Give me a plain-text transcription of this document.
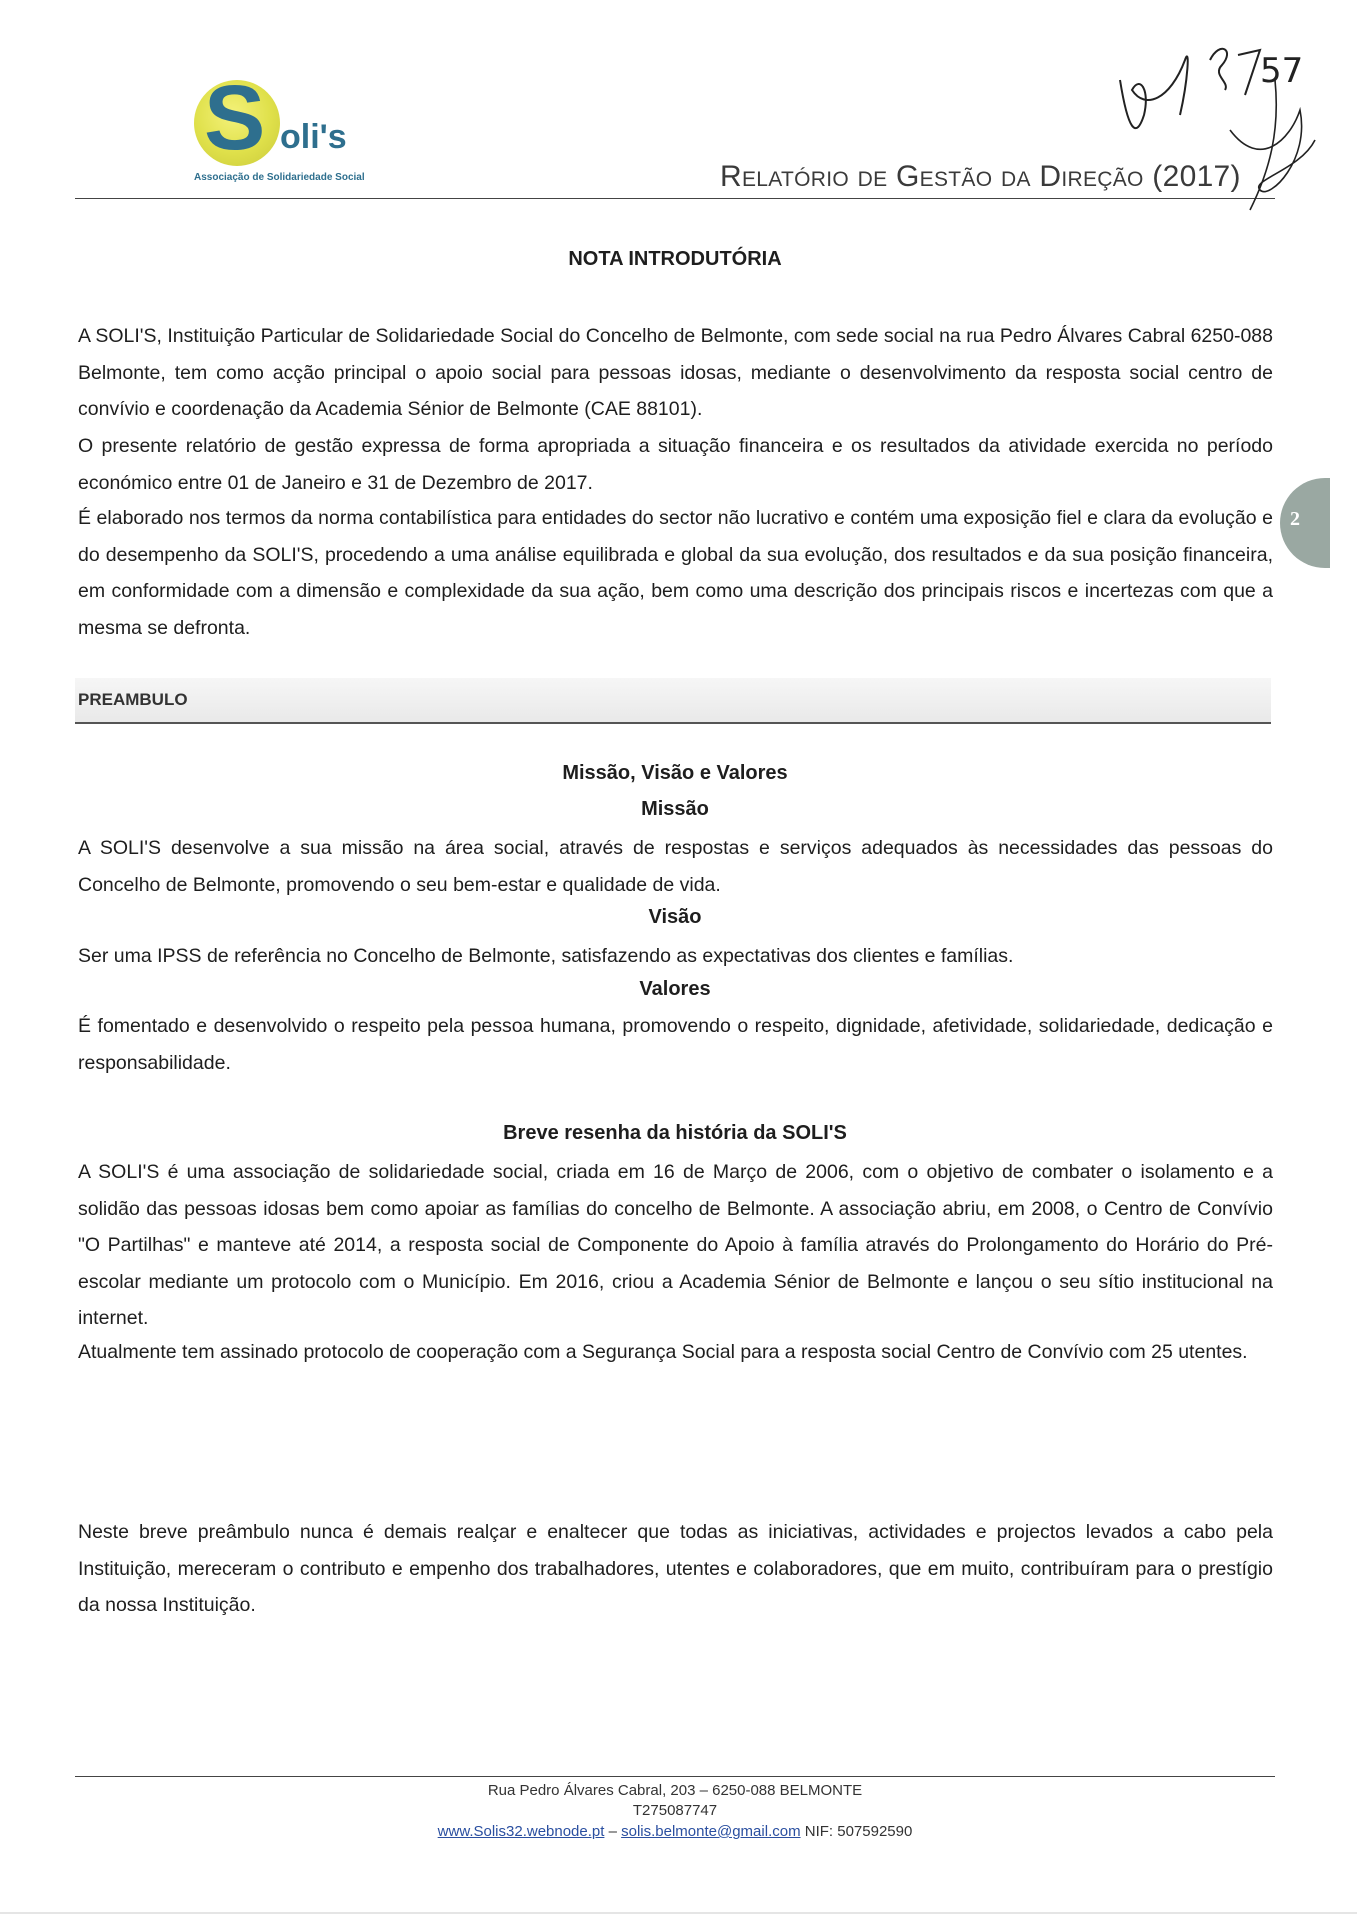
S oli's
Associação de Solidariedade Social	Relatório de Gestão da Direção (2017)
57
2
NOTA INTRODUTÓRIA
A SOLI'S, Instituição Particular de Solidariedade Social do Concelho de Belmonte, com sede social na rua Pedro Álvares Cabral 6250-088 Belmonte, tem como acção principal o apoio social para pessoas idosas, mediante o desenvolvimento da resposta social centro de convívio e coordenação da Academia Sénior de Belmonte (CAE 88101).
O presente relatório de gestão expressa de forma apropriada a situação financeira e os resultados da atividade exercida no período económico entre 01 de Janeiro e 31 de Dezembro de 2017.
É elaborado nos termos da norma contabilística para entidades do sector não lucrativo e contém uma exposição fiel e clara da evolução e do desempenho da SOLI'S, procedendo a uma análise equilibrada e global da sua evolução, dos resultados e da sua posição financeira, em conformidade com a dimensão e complexidade da sua ação, bem como uma descrição dos principais riscos e incertezas com que a mesma se defronta.
PREAMBULO
Missão, Visão e Valores
Missão
A SOLI'S desenvolve a sua missão na área social, através de respostas e serviços adequados às necessidades das pessoas do Concelho de Belmonte, promovendo o seu bem-estar e qualidade de vida.
Visão
Ser uma IPSS de referência no Concelho de Belmonte, satisfazendo as expectativas dos clientes e famílias.
Valores
É fomentado e desenvolvido o respeito pela pessoa humana, promovendo o respeito, dignidade, afetividade, solidariedade, dedicação e responsabilidade.
Breve resenha da história da SOLI'S
A SOLI'S é uma associação de solidariedade social, criada em 16 de Março de 2006, com o objetivo de combater o isolamento e a solidão das pessoas idosas bem como apoiar as famílias do concelho de Belmonte. A associação abriu, em 2008, o Centro de Convívio "O Partilhas" e manteve até 2014, a resposta social de Componente do Apoio à família através do Prolongamento do Horário do Pré-escolar mediante um protocolo com o Município. Em 2016, criou a Academia Sénior de Belmonte e lançou o seu sítio institucional na internet.
Atualmente tem assinado protocolo de cooperação com a Segurança Social para a resposta social Centro de Convívio com 25 utentes.
Neste breve preâmbulo nunca é demais realçar e enaltecer que todas as iniciativas, actividades e projectos levados a cabo pela Instituição, mereceram o contributo e empenho dos trabalhadores, utentes e colaboradores, que em muito, contribuíram para o prestígio da nossa Instituição.
Rua Pedro Álvares Cabral, 203 – 6250-088 BELMONTE
T275087747
www.Solis32.webnode.pt – solis.belmonte@gmail.com NIF: 507592590
